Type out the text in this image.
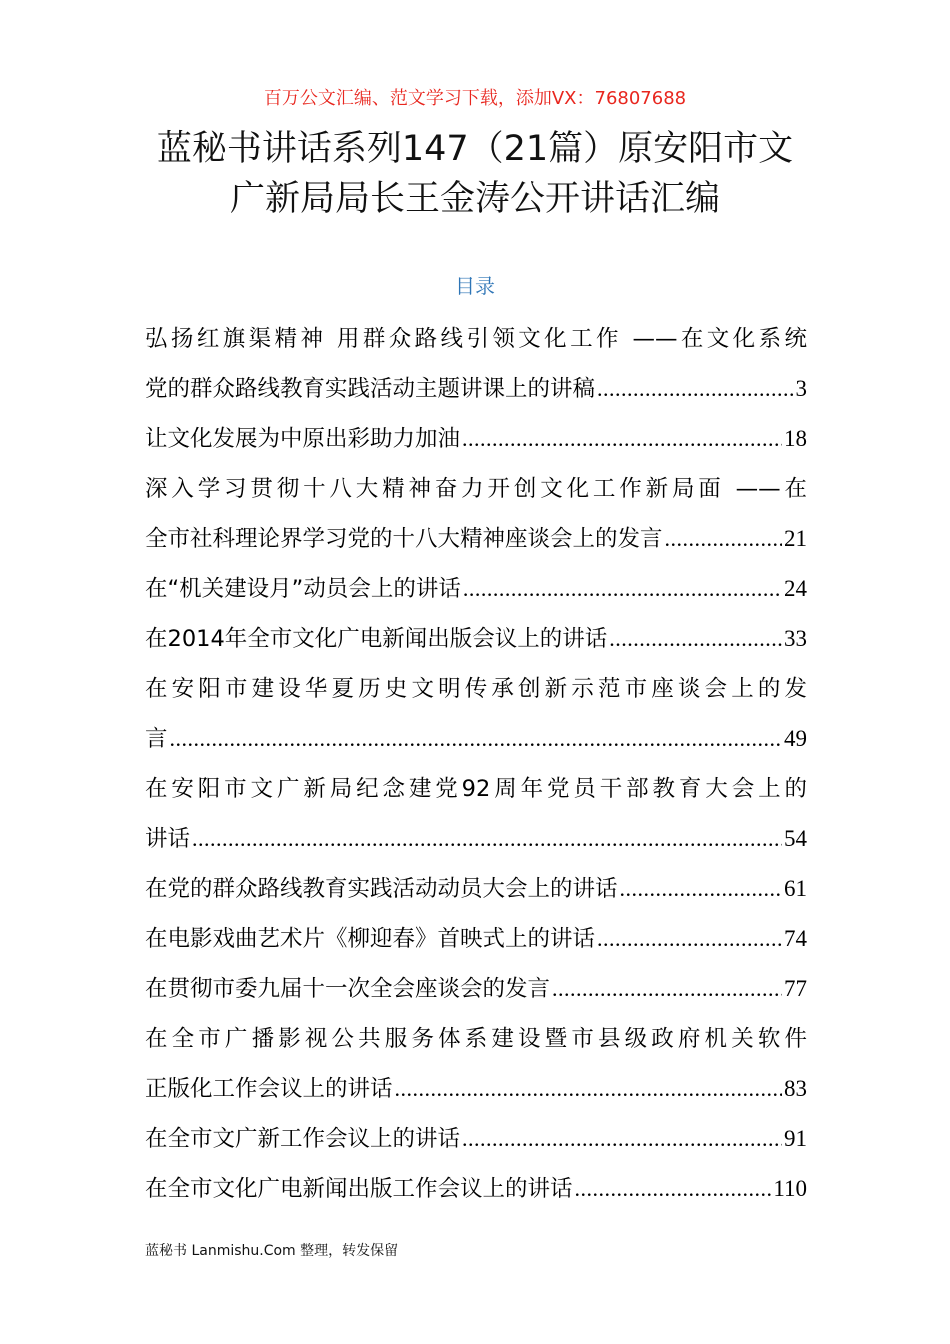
百万公文汇编、范文学习下载，添加VX：76807688
蓝秘书讲话系列147（21篇）原安阳市文
广新局局长王金涛公开讲话汇编
目录
弘扬红旗渠精神 用群众路线引领文化工作 ——在文化系统
党的群众路线教育实践活动主题讲课上的讲稿 .....	3
让文化发展为中原出彩助力加油 .....	18
深入学习贯彻十八大精神奋力开创文化工作新局面 ——在
全市社科理论界学习党的十八大精神座谈会上的发言 .....	21
在“机关建设月”动员会上的讲话 .....	24
在2014年全市文化广电新闻出版会议上的讲话 .....	33
在安阳市建设华夏历史文明传承创新示范市座谈会上的发
言 .....	49
在安阳市文广新局纪念建党92周年党员干部教育大会上的
讲话 .....	54
在党的群众路线教育实践活动动员大会上的讲话 .....	61
在电影戏曲艺术片《柳迎春》首映式上的讲话 .....	74
在贯彻市委九届十一次全会座谈会的发言 .....	77
在全市广播影视公共服务体系建设暨市县级政府机关软件
正版化工作会议上的讲话 .....	83
在全市文广新工作会议上的讲话 .....	91
在全市文化广电新闻出版工作会议上的讲话 .....	110
蓝秘书 Lanmishu.Com 整理，转发保留
